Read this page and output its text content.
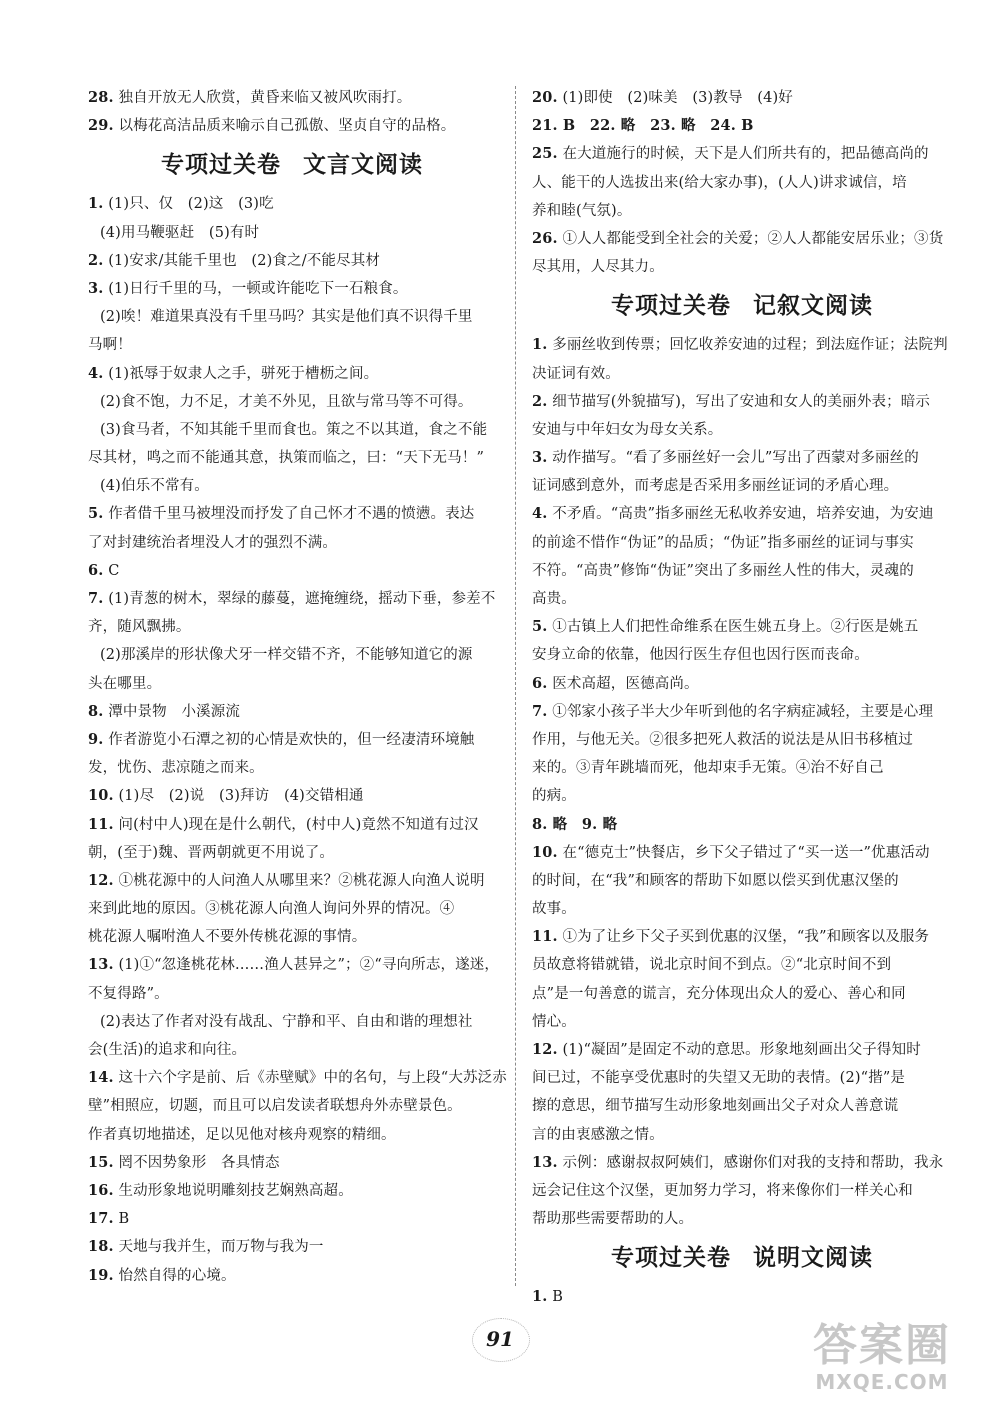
28. 独自开放无人欣赏，黄昏来临又被风吹雨打。
29. 以梅花高洁品质来喻示自己孤傲、坚贞自守的品格。
专项过关卷 文言文阅读
1. (1)只、仅　(2)这　(3)吃
(4)用马鞭驱赶　(5)有时
2. (1)安求/其能千里也　(2)食之/不能尽其材
3. (1)日行千里的马，一顿或许能吃下一石粮食。
(2)唉！难道果真没有千里马吗？其实是他们真不识得千里
马啊！
4. (1)祇辱于奴隶人之手，骈死于槽枥之间。
(2)食不饱，力不足，才美不外见，且欲与常马等不可得。
(3)食马者，不知其能千里而食也。策之不以其道，食之不能
尽其材，鸣之而不能通其意，执策而临之，曰：“天下无马！”
(4)伯乐不常有。
5. 作者借千里马被埋没而抒发了自己怀才不遇的愤懑。表达
了对封建统治者埋没人才的强烈不满。
6. C
7. (1)青葱的树木，翠绿的藤蔓，遮掩缠绕，摇动下垂，参差不
齐，随风飘拂。
(2)那溪岸的形状像犬牙一样交错不齐，不能够知道它的源
头在哪里。
8. 潭中景物　小溪源流
9. 作者游览小石潭之初的心情是欢快的，但一经凄清环境触
发，忧伤、悲凉随之而来。
10. (1)尽　(2)说　(3)拜访　(4)交错相通
11. 问(村中人)现在是什么朝代，(村中人)竟然不知道有过汉
朝，(至于)魏、晋两朝就更不用说了。
12. ①桃花源中的人问渔人从哪里来？②桃花源人向渔人说明
来到此地的原因。③桃花源人向渔人询问外界的情况。④
桃花源人嘱咐渔人不要外传桃花源的事情。
13. (1)①“忽逢桃花林……渔人甚异之”；②“寻向所志，遂迷，
不复得路”。
(2)表达了作者对没有战乱、宁静和平、自由和谐的理想社
会(生活)的追求和向往。
14. 这十六个字是前、后《赤壁赋》中的名句，与上段“大苏泛赤
壁”相照应，切题，而且可以启发读者联想舟外赤壁景色。
作者真切地描述，足以见他对核舟观察的精细。
15. 罔不因势象形　各具情态
16. 生动形象地说明雕刻技艺娴熟高超。
17. B
18. 天地与我并生，而万物与我为一
19. 怡然自得的心境。
20. (1)即使　(2)味美　(3)教导　(4)好
21. B　22. 略　23. 略　24. B
25. 在大道施行的时候，天下是人们所共有的，把品德高尚的
人、能干的人选拔出来(给大家办事)，(人人)讲求诚信，培
养和睦(气氛)。
26. ①人人都能受到全社会的关爱；②人人都能安居乐业；③货
尽其用，人尽其力。
专项过关卷 记叙文阅读
1. 多丽丝收到传票；回忆收养安迪的过程；到法庭作证；法院判
决证词有效。
2. 细节描写(外貌描写)，写出了安迪和女人的美丽外表；暗示
安迪与中年妇女为母女关系。
3. 动作描写。“看了多丽丝好一会儿”写出了西蒙对多丽丝的
证词感到意外，而考虑是否采用多丽丝证词的矛盾心理。
4. 不矛盾。“高贵”指多丽丝无私收养安迪，培养安迪，为安迪
的前途不惜作“伪证”的品质；“伪证”指多丽丝的证词与事实
不符。“高贵”修饰“伪证”突出了多丽丝人性的伟大，灵魂的
高贵。
5. ①古镇上人们把性命维系在医生姚五身上。②行医是姚五
安身立命的依靠，他因行医生存但也因行医而丧命。
6. 医术高超，医德高尚。
7. ①邻家小孩子半大少年听到他的名字病症减轻，主要是心理
作用，与他无关。②很多把死人救活的说法是从旧书移植过
来的。③青年跳墙而死，他却束手无策。④治不好自己
的病。
8. 略　9. 略
10. 在“德克士”快餐店，乡下父子错过了“买一送一”优惠活动
的时间，在“我”和顾客的帮助下如愿以偿买到优惠汉堡的
故事。
11. ①为了让乡下父子买到优惠的汉堡，“我”和顾客以及服务
员故意将错就错，说北京时间不到点。②“北京时间不到
点”是一句善意的谎言，充分体现出众人的爱心、善心和同
情心。
12. (1)“凝固”是固定不动的意思。形象地刻画出父子得知时
间已过，不能享受优惠时的失望又无助的表情。(2)“揩”是
擦的意思，细节描写生动形象地刻画出父子对众人善意谎
言的由衷感激之情。
13. 示例：感谢叔叔阿姨们，感谢你们对我的支持和帮助，我永
远会记住这个汉堡，更加努力学习，将来像你们一样关心和
帮助那些需要帮助的人。
专项过关卷 说明文阅读
1. B
91	答案圈
MXQE.COM
